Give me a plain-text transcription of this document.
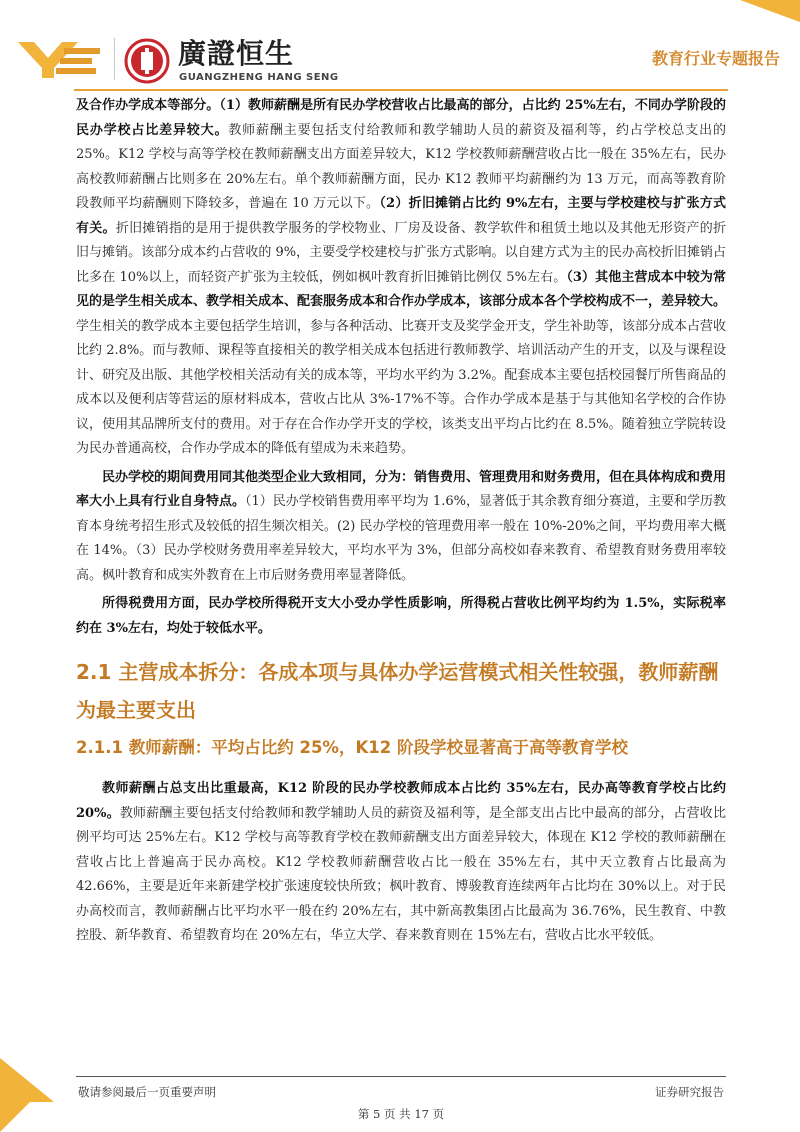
廣證恒生
GUANGZHENG HANG SENG
教育行业专题报告

及合作办学成本等部分。（1）教师薪酬是所有民办学校营收占比最高的部分，占比约 25%左右，不同办学阶段的民办学校占比差异较大。教师薪酬主要包括支付给教师和教学辅助人员的薪资及福利等，约占学校总支出的 25%。K12 学校与高等学校在教师薪酬支出方面差异较大，K12 学校教师薪酬营收占比一般在 35%左右，民办高校教师薪酬占比则多在 20%左右。单个教师薪酬方面，民办 K12 教师平均薪酬约为 13 万元，而高等教育阶段教师平均薪酬则下降较多，普遍在 10 万元以下。（2）折旧摊销占比约 9%左右，主要与学校建校与扩张方式有关。折旧摊销指的是用于提供教学服务的学校物业、厂房及设备、教学软件和租赁土地以及其他无形资产的折旧与摊销。该部分成本约占营收的 9%，主要受学校建校与扩张方式影响。以自建方式为主的民办高校折旧摊销占比多在 10%以上，而轻资产扩张为主较低，例如枫叶教育折旧摊销比例仅 5%左右。（3）其他主营成本中较为常见的是学生相关成本、教学相关成本、配套服务成本和合作办学成本，该部分成本各个学校构成不一，差异较大。学生相关的教学成本主要包括学生培训，参与各种活动、比赛开支及奖学金开支，学生补助等，该部分成本占营收比约 2.8%。而与教师、课程等直接相关的教学相关成本包括进行教师教学、培训活动产生的开支，以及与课程设计、研究及出版、其他学校相关活动有关的成本等，平均水平约为 3.2%。配套成本主要包括校园餐厅所售商品的成本以及便利店等营运的原材料成本，营收占比从 3%-17%不等。合作办学成本是基于与其他知名学校的合作协议，使用其品牌所支付的费用。对于存在合作办学开支的学校，该类支出平均占比约在 8.5%。随着独立学院转设为民办普通高校，合作办学成本的降低有望成为未来趋势。

民办学校的期间费用同其他类型企业大致相同，分为：销售费用、管理费用和财务费用，但在具体构成和费用率大小上具有行业自身特点。（1）民办学校销售费用率平均为 1.6%，显著低于其余教育细分赛道，主要和学历教育本身统考招生形式及较低的招生频次相关。(2) 民办学校的管理费用率一般在 10%-20%之间，平均费用率大概在 14%。（3）民办学校财务费用率差异较大，平均水平为 3%，但部分高校如春来教育、希望教育财务费用率较高。枫叶教育和成实外教育在上市后财务费用率显著降低。

所得税费用方面，民办学校所得税开支大小受办学性质影响，所得税占营收比例平均约为 1.5%，实际税率约在 3%左右，均处于较低水平。

2.1 主营成本拆分：各成本项与具体办学运营模式相关性较强，教师薪酬为最主要支出
2.1.1 教师薪酬：平均占比约 25%，K12 阶段学校显著高于高等教育学校

教师薪酬占总支出比重最高，K12 阶段的民办学校教师成本占比约 35%左右，民办高等教育学校占比约 20%。教师薪酬主要包括支付给教师和教学辅助人员的薪资及福利等，是全部支出占比中最高的部分，占营收比例平均可达 25%左右。K12 学校与高等教育学校在教师薪酬支出方面差异较大，体现在 K12 学校的教师薪酬在营收占比上普遍高于民办高校。K12 学校教师薪酬营收占比一般在 35%左右，其中天立教育占比最高为 42.66%，主要是近年来新建学校扩张速度较快所致；枫叶教育、博骏教育连续两年占比均在 30%以上。对于民办高校而言，教师薪酬占比平均水平一般在约 20%左右，其中新高教集团占比最高为 36.76%，民生教育、中教控股、新华教育、希望教育均在 20%左右，华立大学、春来教育则在 15%左右，营收占比水平较低。

敬请参阅最后一页重要声明	证券研究报告
第 5 页 共 17 页
